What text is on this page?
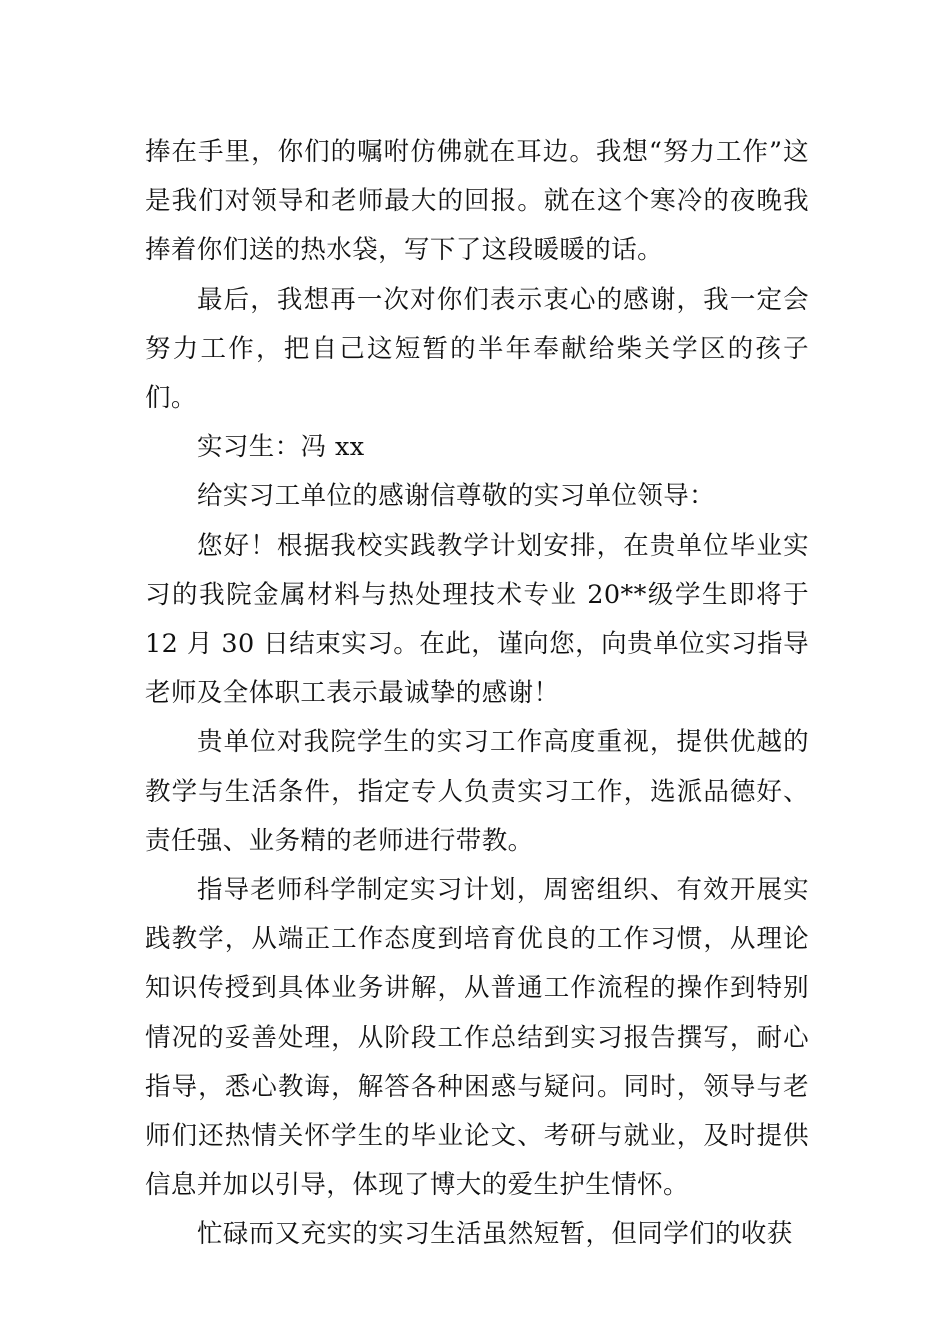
捧在手里，你们的嘱咐仿佛就在耳边。我想“努力工作”这是我们对领导和老师最大的回报。就在这个寒冷的夜晚我捧着你们送的热水袋，写下了这段暖暖的话。

最后，我想再一次对你们表示衷心的感谢，我一定会努力工作，把自己这短暂的半年奉献给柴关学区的孩子们。

实习生：冯 xx

给实习工单位的感谢信尊敬的实习单位领导：

您好！根据我校实践教学计划安排，在贵单位毕业实习的我院金属材料与热处理技术专业 20**级学生即将于 12 月 30 日结束实习。在此，谨向您，向贵单位实习指导老师及全体职工表示最诚挚的感谢！

贵单位对我院学生的实习工作高度重视，提供优越的教学与生活条件，指定专人负责实习工作，选派品德好、责任强、业务精的老师进行带教。

指导老师科学制定实习计划，周密组织、有效开展实践教学，从端正工作态度到培育优良的工作习惯，从理论知识传授到具体业务讲解，从普通工作流程的操作到特别情况的妥善处理，从阶段工作总结到实习报告撰写，耐心指导，悉心教诲，解答各种困惑与疑问。同时，领导与老师们还热情关怀学生的毕业论文、考研与就业，及时提供信息并加以引导，体现了博大的爱生护生情怀。

忙碌而又充实的实习生活虽然短暂，但同学们的收获
